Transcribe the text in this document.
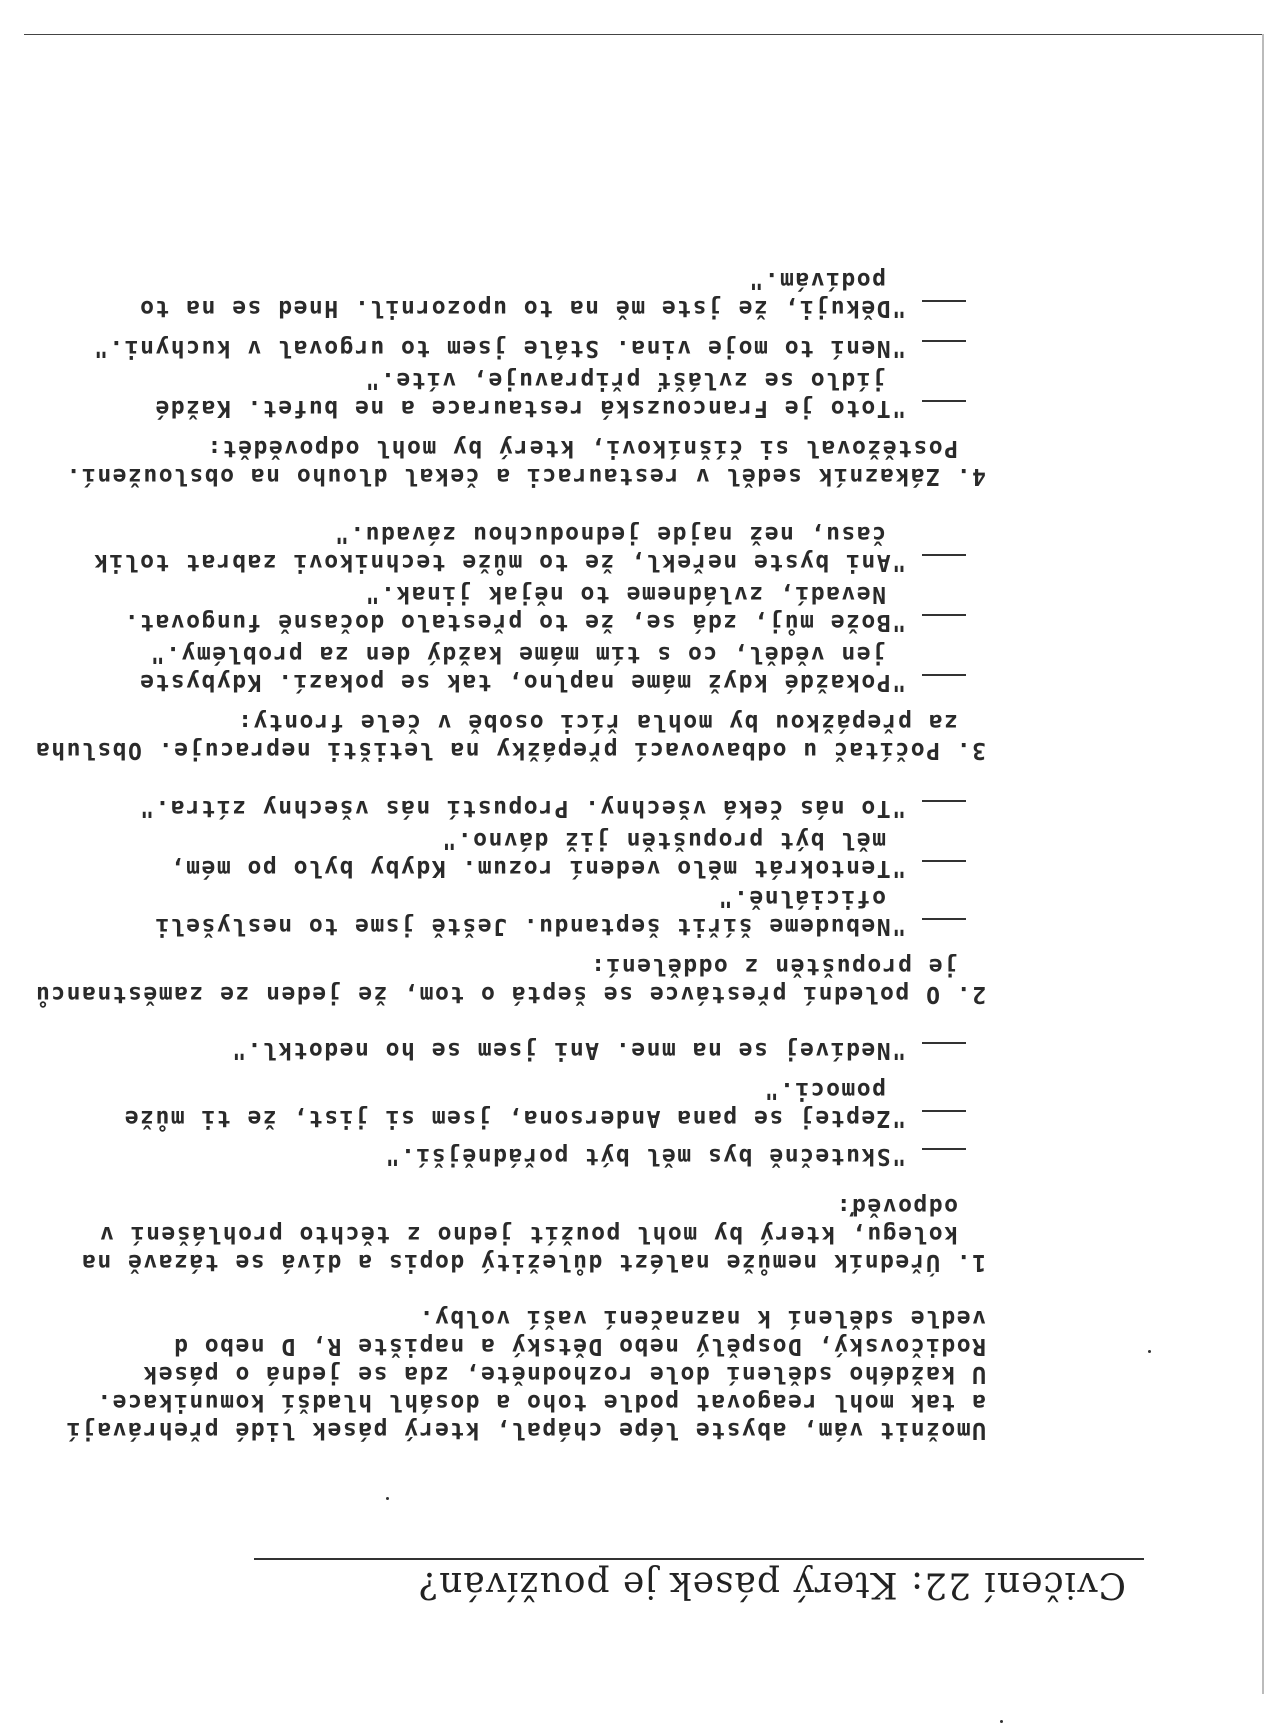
Cvičení 22: Který pásek je používán?
Umožnit vám, abyste lépe chápal, který pásek lidé přehrávají
a tak mohl reagovat podle toho a dosáhl hladší komunikace.
U každého sdělení dole rozhodněte, zda se jedná o pásek
Rodičovský, Dospělý nebo Dětský a napište R, D nebo d
vedle sdělení k naznačení vaší volby.
1. Úředník nemůže nalézt důležitý dopis a dívá se tázavě na
kolegu, který by mohl použít jedno z těchto prohlášení v
odpověď:
"Skutečně bys měl být pořádnější."
"Zeptej se pana Andersona, jsem si jist, že ti může
pomoci."
"Nedívej se na mne. Ani jsem se ho nedotkl."
2. O polední přestávce se šeptá o tom, že jeden ze zaměstnanců
je propuštěn z oddělení:
"Nebudeme šířit šeptandu. Ještě jsme to neslyšeli
oficiálně."
"Tentokrát mělo vedení rozum. Kdyby bylo po mém,
měl být propuštěn již dávno."
"To nás čeká všechny. Propustí nás všechny zítra."
3. Počítač u odbavovací přepážky na letišti nepracuje. Obsluha
za přepážkou by mohla říci osobě v čele fronty:
"Pokaždé když máme naplno, tak se pokazí. Kdybyste
jen věděl, co s tím máme každý den za problémy."
"Bože můj, zdá se, že to přestalo dočasně fungovat.
Nevadí, zvládneme to nějak jinak."
"Ani byste neřekl, že to může technikovi zabrat tolik
času, než najde jednoduchou závadu."
4. Zákazník seděl v restauraci a čekal dlouho na obsloužení.
Postěžoval si číšníkovi, který by mohl odpovědět:
"Toto je Francouzská restaurace a ne bufet. Každé
jídlo se zvlášť připravuje, víte."
"Není to moje vina. Stále jsem to urgoval v kuchyni."
"Děkuji, že jste mě na to upozornil. Hned se na to
podívám."
